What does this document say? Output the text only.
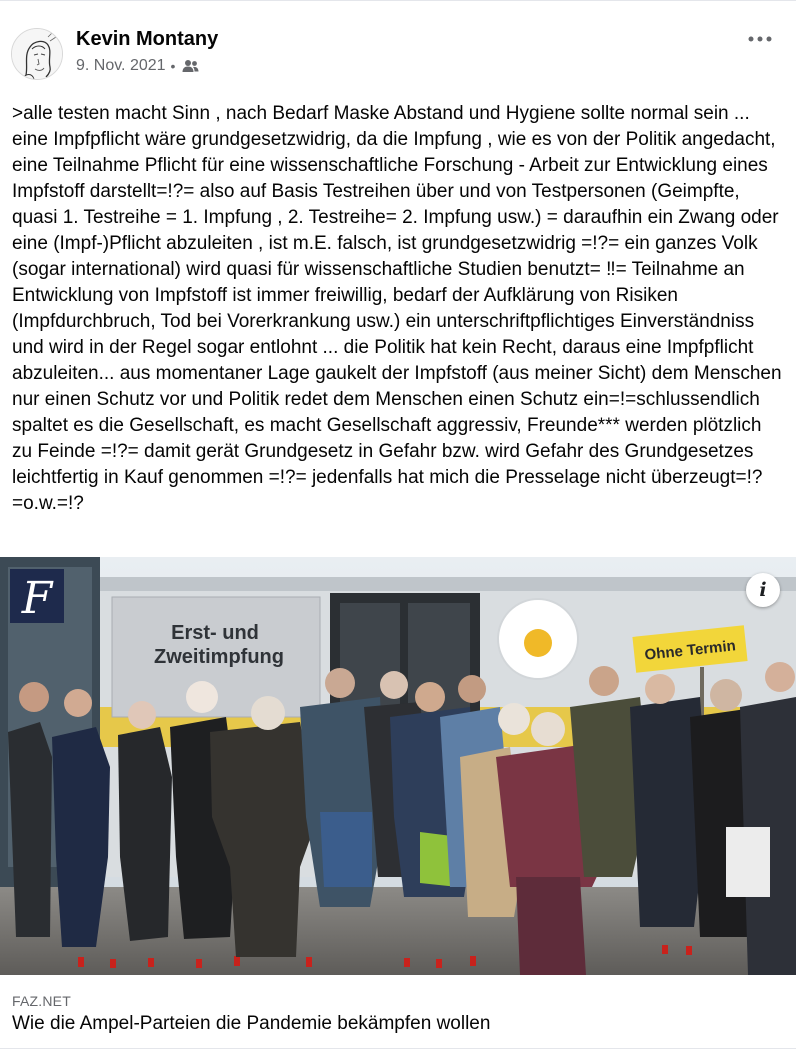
Kevin Montany
9. Nov. 2021 •

>alle testen macht Sinn , nach Bedarf Maske Abstand und Hygiene sollte normal sein ... eine Impfpflicht wäre grundgesetzwidrig, da die Impfung , wie es von der Politik angedacht, eine Teilnahme Pflicht für eine wissenschaftliche Forschung - Arbeit zur Entwicklung eines Impfstoff darstellt=!?= also auf Basis Testreihen über und von Testpersonen (Geimpfte, quasi 1. Testreihe = 1. Impfung , 2. Testreihe= 2. Impfung usw.) = daraufhin ein Zwang oder eine (Impf-)Pflicht abzuleiten , ist m.E. falsch, ist grundgesetzwidrig =!?= ein ganzes Volk (sogar international) wird quasi für wissenschaftliche Studien benutzt= ‼= Teilnahme an Entwicklung von Impfstoff ist immer freiwillig, bedarf der Aufklärung von Risiken (Impfdurchbruch, Tod bei Vorerkrankung usw.) ein unterschriftpflichtiges Einverständniss und wird in der Regel sogar entlohnt ... die Politik hat kein Recht, daraus eine Impfpflicht abzuleiten... aus momentaner Lage gaukelt der Impfstoff (aus meiner Sicht) dem Menschen nur einen Schutz vor und Politik redet dem Menschen einen Schutz ein=!=schlussendlich spaltet es die Gesellschaft, es macht Gesellschaft aggressiv, Freunde*** werden plötzlich zu Feinde =!?= damit gerät Grundgesetz in Gefahr bzw. wird Gefahr des Grundgesetzes leichtfertig in Kauf genommen =!?= jedenfalls hat mich die Presselage nicht überzeugt=!?=o.w.=!?

F
Erst- und
Zweitimpfung	Ohne Termin
i
FAZ.NET
Wie die Ampel-Parteien die Pandemie bekämpfen wollen
